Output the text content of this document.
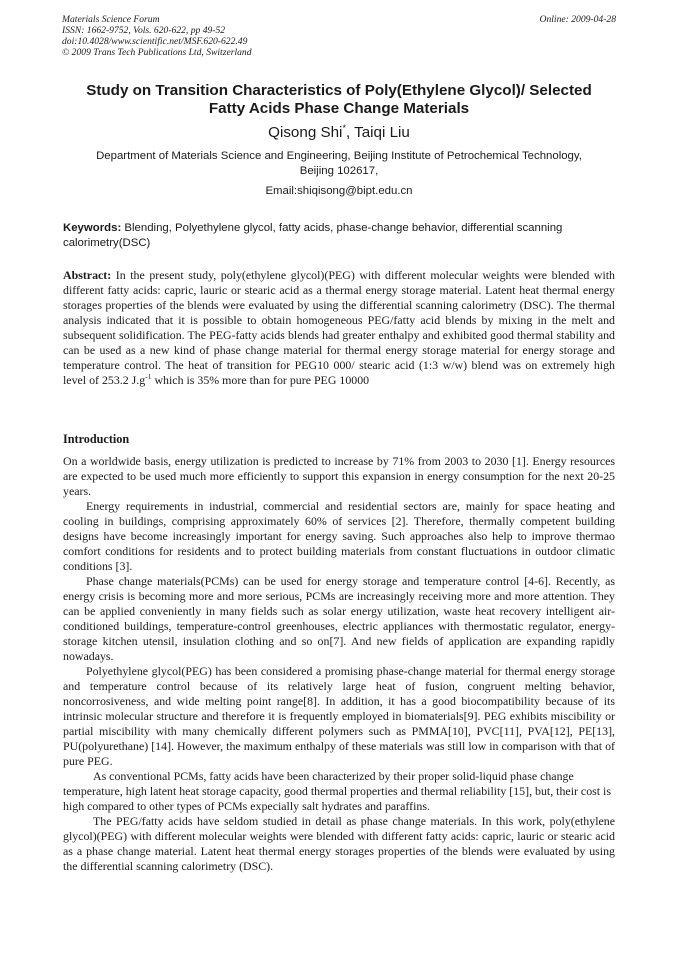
Materials Science Forum
ISSN: 1662-9752, Vols. 620-622, pp 49-52
doi:10.4028/www.scientific.net/MSF.620-622.49
© 2009 Trans Tech Publications Ltd, Switzerland
Online: 2009-04-28
Study on Transition Characteristics of Poly(Ethylene Glycol)/ Selected
Fatty Acids Phase Change Materials
Qisong Shi*, Taiqi Liu
Department of Materials Science and Engineering, Beijing Institute of Petrochemical Technology,
Beijing 102617,
Email:shiqisong@bipt.edu.cn
Keywords: Blending, Polyethylene glycol, fatty acids, phase-change behavior, differential scanning calorimetry(DSC)
Abstract: In the present study, poly(ethylene glycol)(PEG) with different molecular weights were blended with different fatty acids: capric, lauric or stearic acid as a thermal energy storage material. Latent heat thermal energy storages properties of the blends were evaluated by using the differential scanning calorimetry (DSC). The thermal analysis indicated that it is possible to obtain homogeneous PEG/fatty acid blends by mixing in the melt and subsequent solidification. The PEG-fatty acids blends had greater enthalpy and exhibited good thermal stability and can be used as a new kind of phase change material for thermal energy storage material for energy storage and temperature control. The heat of transition for PEG10 000/ stearic acid (1:3 w/w) blend was on extremely high level of 253.2 $J.g^{-1}$ which is 35% more than for pure PEG 10000
Introduction

On a worldwide basis, energy utilization is predicted to increase by 71% from 2003 to 2030 [1]. Energy resources are expected to be used much more efficiently to support this expansion in energy consumption for the next 20-25 years.

Energy requirements in industrial, commercial and residential sectors are, mainly for space heating and cooling in buildings, comprising approximately 60% of services [2]. Therefore, thermally competent building designs have become increasingly important for energy saving. Such approaches also help to improve thermao comfort conditions for residents and to protect building materials from constant fluctuations in outdoor climatic conditions [3].

Phase change materials(PCMs) can be used for energy storage and temperature control [4-6]. Recently, as energy crisis is becoming more and more serious, PCMs are increasingly receiving more and more attention. They can be applied conveniently in many fields such as solar energy utilization, waste heat recovery intelligent air-conditioned buildings, temperature-control greenhouses, electric appliances with thermostatic regulator, energy-storage kitchen utensil, insulation clothing and so on[7]. And new fields of application are expanding rapidly nowadays.

Polyethylene glycol(PEG) has been considered a promising phase-change material for thermal energy storage and temperature control because of its relatively large heat of fusion, congruent melting behavior, noncorrosiveness, and wide melting point range[8]. In addition, it has a good biocompatibility because of its intrinsic molecular structure and therefore it is frequently employed in biomaterials[9]. PEG exhibits miscibility or partial miscibility with many chemically different polymers such as PMMA[10], PVC[11], PVA[12], PE[13], PU(polyurethane) [14]. However, the maximum enthalpy of these materials was still low in comparison with that of pure PEG.

As conventional PCMs, fatty acids have been characterized by their proper solid-liquid phase change temperature, high latent heat storage capacity, good thermal properties and thermal reliability [15], but, their cost is high compared to other types of PCMs expecially salt hydrates and paraffins.

The PEG/fatty acids have seldom studied in detail as phase change materials. In this work, poly(ethylene glycol)(PEG) with different molecular weights were blended with different fatty acids: capric, lauric or stearic acid as a phase change material. Latent heat thermal energy storages properties of the blends were evaluated by using the differential scanning calorimetry (DSC).
